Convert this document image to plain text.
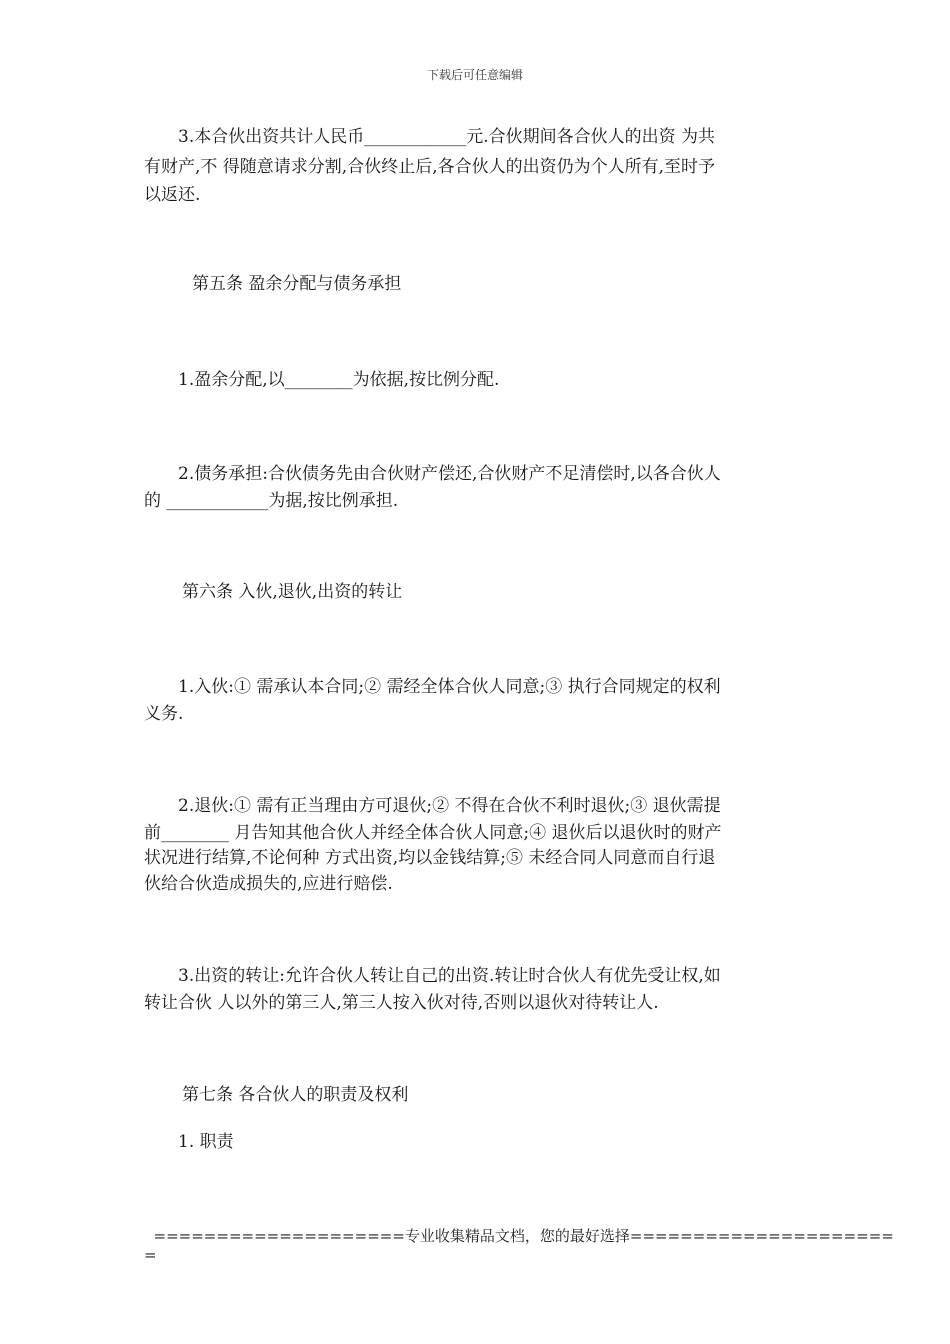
下载后可任意编辑
　　3.本合伙出资共计人民币____________元.合伙期间各合伙人的出资 为共
有财产,不 得随意请求分割,合伙终止后,各合伙人的出资仍为个人所有,至时予
以返还.
第五条 盈余分配与债务承担
　　1.盈余分配,以________为依据,按比例分配.
　　2.债务承担:合伙债务先由合伙财产偿还,合伙财产不足清偿时,以各合伙人
的 ____________为据,按比例承担.
第六条 入伙,退伙,出资的转让
　　1.入伙:① 需承认本合同;② 需经全体合伙人同意;③ 执行合同规定的权利
义务.
　　2.退伙:① 需有正当理由方可退伙;② 不得在合伙不利时退伙;③ 退伙需提
前________ 月告知其他合伙人并经全体合伙人同意;④ 退伙后以退伙时的财产
状况进行结算,不论何种 方式出资,均以金钱结算;⑤ 未经合同人同意而自行退
伙给合伙造成损失的,应进行赔偿.
　　3.出资的转让:允许合伙人转让自己的出资.转让时合伙人有优先受让权,如
转让合伙 人以外的第三人,第三人按入伙对待,否则以退伙对待转让人.
第七条 各合伙人的职责及权利
　　1. 职责
====================专业收集精品文档，您的最好选择=====================
=
